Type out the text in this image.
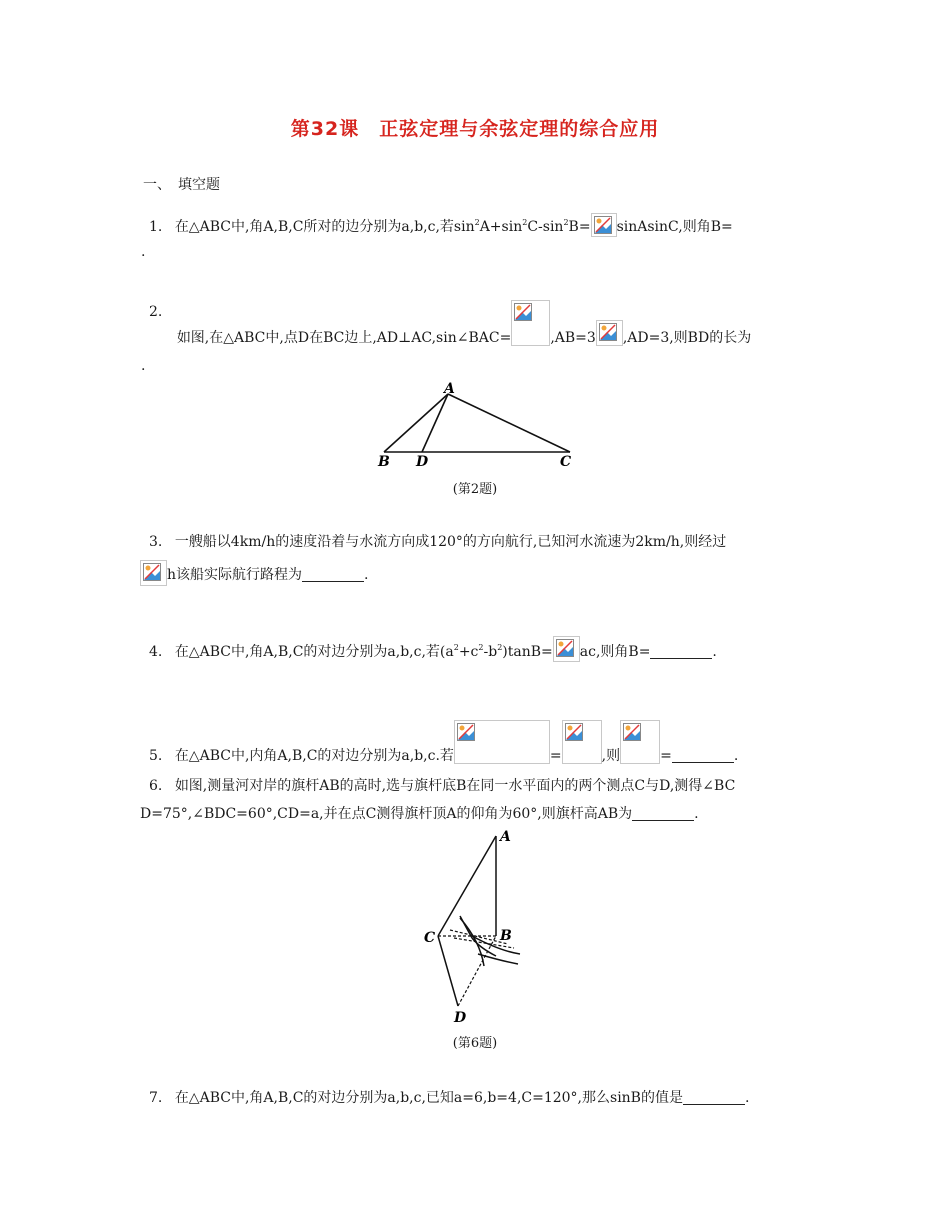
第32课　正弦定理与余弦定理的综合应用
一、　填空题
1. 在△ABC中,角A,B,C所对的边分别为a,b,c,若$\sin^2A+\sin^2C-\sin^2B=$ sinAsinC,则角B=
.
2. 如图,在△ABC中,点D在BC边上,AD⊥AC,sin∠BAC=	,AB=3 ,AD=3,则BD的长为
.
A
B D	C
(第2题)
3. 一艘船以4km/h的速度沿着与水流方向成120°的方向航行,已知河水流速为2km/h,则经过
h该船实际航行路程为	.
4. 在△ABC中,角A,B,C的对边分别为a,b,c,若$(a^2+c^2-b^2)\tan B=$ ac,则角B=	.
5. 在△ABC中,内角A,B,C的对边分别为a,b,c.若	=	,则	=	.
6. 如图,测量河对岸的旗杆AB的高时,选与旗杆底B在同一水平面内的两个测点C与D,测得∠BC
D=75°,∠BDC=60°,CD=a,并在点C测得旗杆顶A的仰角为60°,则旗杆高AB为	.
A
B
C
D
(第6题)
7. 在△ABC中,角A,B,C的对边分别为a,b,c,已知a=6,b=4,C=120°,那么sinB的值是	.
